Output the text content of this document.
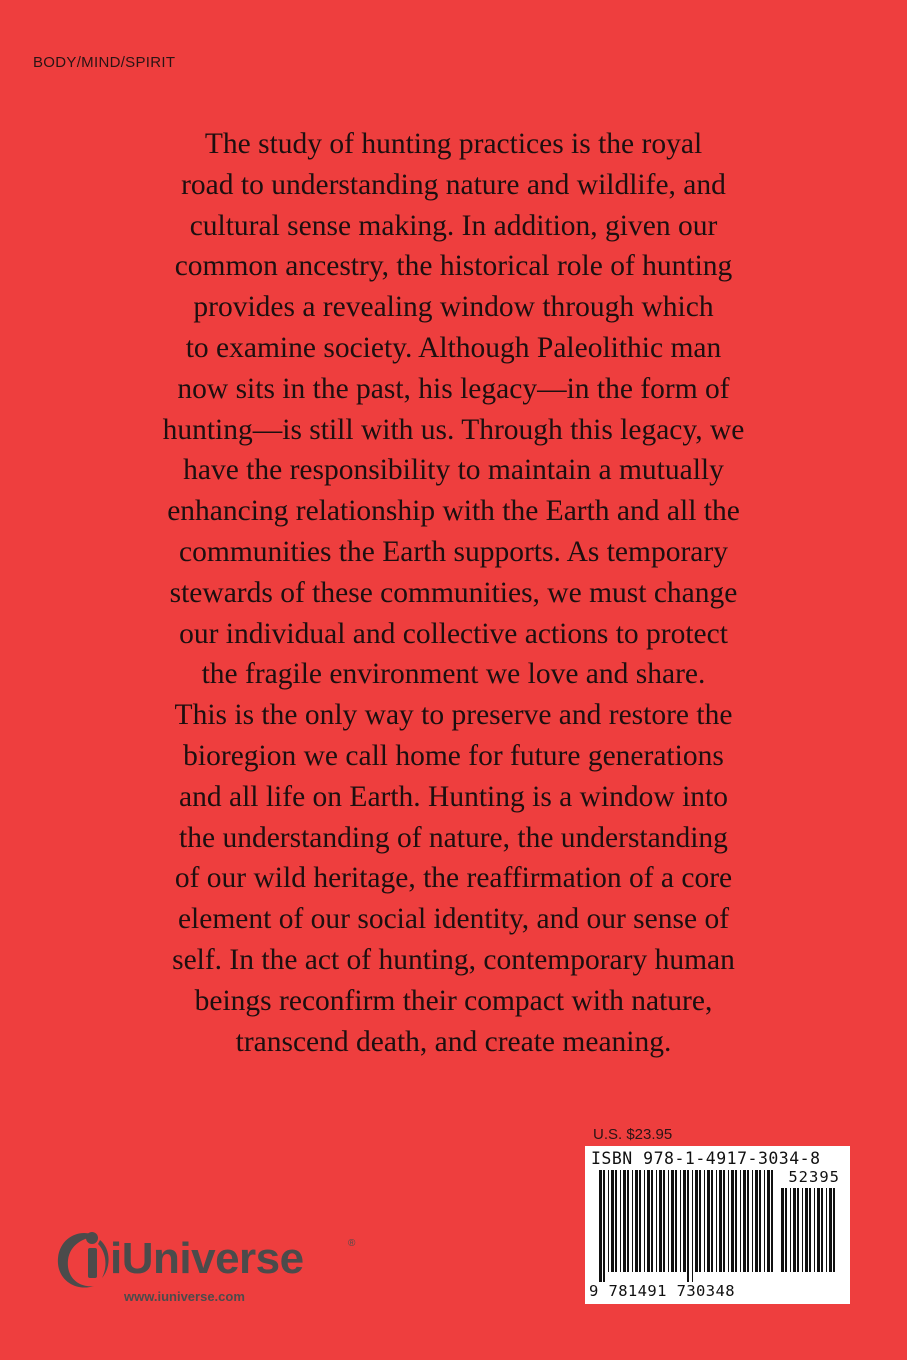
BODY/MIND/SPIRIT
The study of hunting practices is the royal
road to understanding nature and wildlife, and
cultural sense making. In addition, given our
common ancestry, the historical role of hunting
provides a revealing window through which
to examine society. Although Paleolithic man
now sits in the past, his legacy—in the form of
hunting—is still with us. Through this legacy, we
have the responsibility to maintain a mutually
enhancing relationship with the Earth and all the
communities the Earth supports. As temporary
stewards of these communities, we must change
our individual and collective actions to protect
the fragile environment we love and share.
This is the only way to preserve and restore the
bioregion we call home for future generations
and all life on Earth. Hunting is a window into
the understanding of nature, the understanding
of our wild heritage, the reaffirmation of a core
element of our social identity, and our sense of
self. In the act of hunting, contemporary human
beings reconfirm their compact with nature,
transcend death, and create meaning.
U.S. $23.95
ISBN 978-1-4917-3034-8
52395
9 781491 730348
iUniverse	®
www.iuniverse.com
